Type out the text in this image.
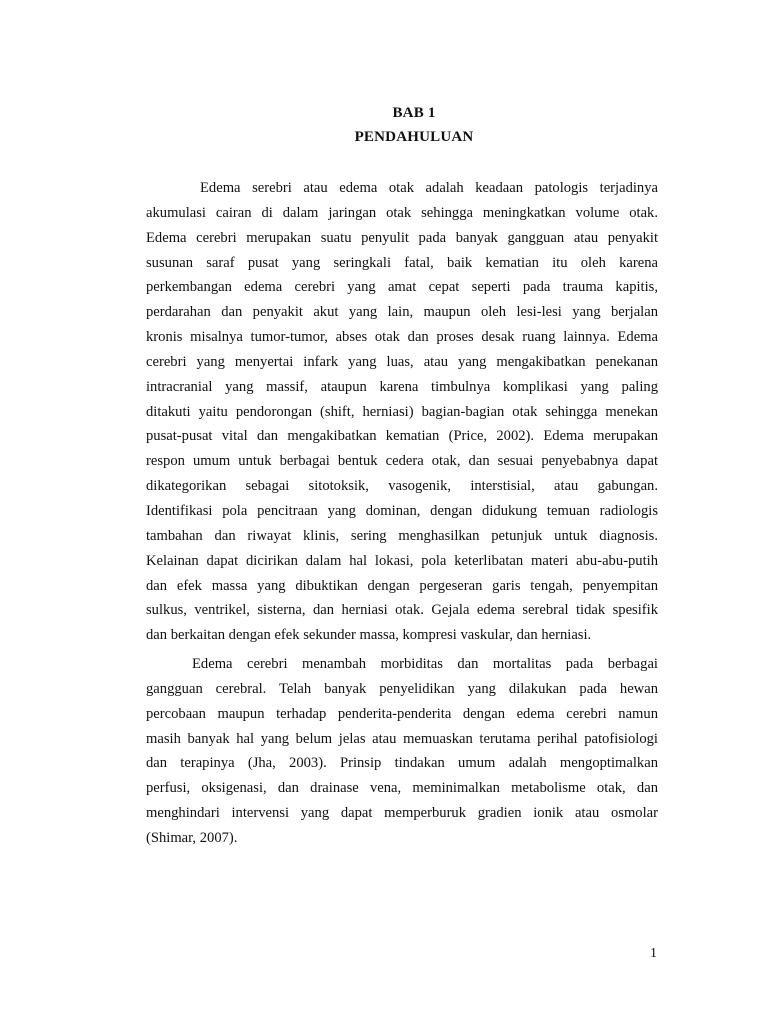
BAB 1
PENDAHULUAN
Edema serebri atau edema otak adalah keadaan patologis terjadinya
akumulasi cairan di dalam jaringan otak sehingga meningkatkan volume otak.
Edema cerebri merupakan suatu penyulit pada banyak gangguan atau penyakit
susunan saraf pusat yang seringkali fatal, baik kematian itu oleh karena
perkembangan edema cerebri yang amat cepat seperti pada trauma kapitis,
perdarahan dan penyakit akut yang lain, maupun oleh lesi-lesi yang berjalan
kronis misalnya tumor-tumor, abses otak dan proses desak ruang lainnya. Edema
cerebri yang menyertai infark yang luas, atau yang mengakibatkan penekanan
intracranial yang massif, ataupun karena timbulnya komplikasi yang paling
ditakuti yaitu pendorongan (shift, herniasi) bagian-bagian otak sehingga menekan
pusat-pusat vital dan mengakibatkan kematian (Price, 2002). Edema merupakan
respon umum untuk berbagai bentuk cedera otak, dan sesuai penyebabnya dapat
dikategorikan sebagai sitotoksik, vasogenik, interstisial, atau gabungan.
Identifikasi pola pencitraan yang dominan, dengan didukung temuan radiologis
tambahan dan riwayat klinis, sering menghasilkan petunjuk untuk diagnosis.
Kelainan dapat dicirikan dalam hal lokasi, pola keterlibatan materi abu-abu-putih
dan efek massa yang dibuktikan dengan pergeseran garis tengah, penyempitan
sulkus, ventrikel, sisterna, dan herniasi otak. Gejala edema serebral tidak spesifik
dan berkaitan dengan efek sekunder massa, kompresi vaskular, dan herniasi.
Edema cerebri menambah morbiditas dan mortalitas pada berbagai
gangguan cerebral. Telah banyak penyelidikan yang dilakukan pada hewan
percobaan maupun terhadap penderita-penderita dengan edema cerebri namun
masih banyak hal yang belum jelas atau memuaskan terutama perihal patofisiologi
dan terapinya (Jha, 2003). Prinsip tindakan umum adalah mengoptimalkan
perfusi, oksigenasi, dan drainase vena, meminimalkan metabolisme otak, dan
menghindari intervensi yang dapat memperburuk gradien ionik atau osmolar
(Shimar, 2007).
1
